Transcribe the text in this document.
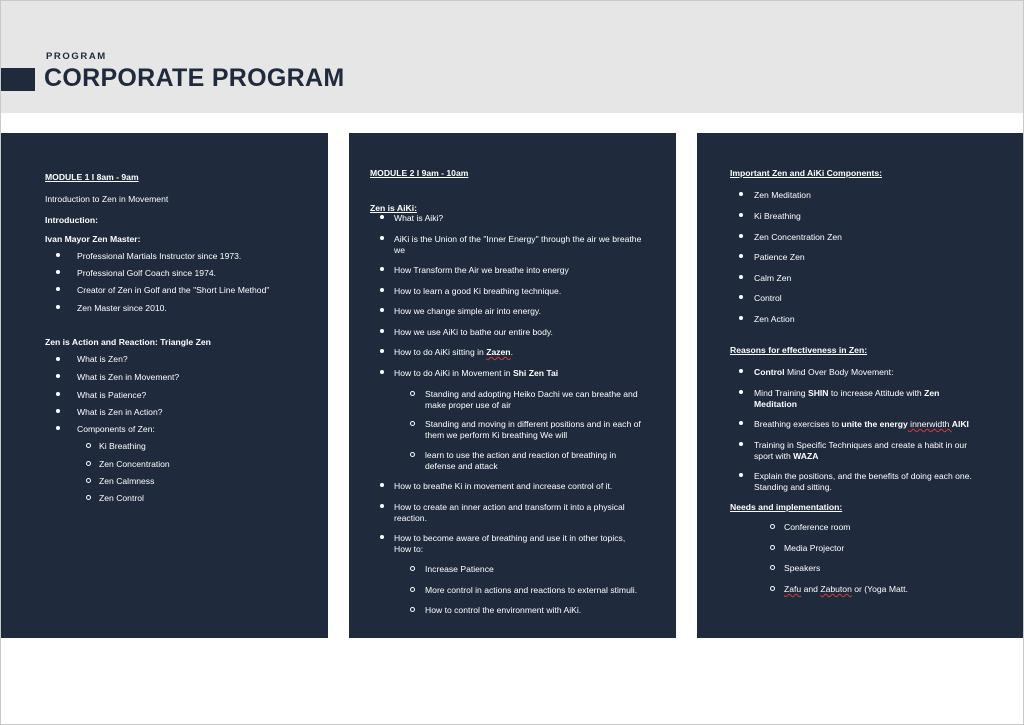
PROGRAM
CORPORATE PROGRAM
MODULE 1 I 8am - 9am
Introduction to Zen in Movement
Introduction:
Ivan Mayor Zen Master:
Professional Martials Instructor since 1973.
Professional Golf Coach since 1974.
Creator of Zen in Golf and the "Short Line Method"
Zen Master since 2010.
Zen is Action and Reaction: Triangle Zen
What is Zen?
What is Zen in Movement?
What is Patience?
What is Zen in Action?
Components of Zen:
Ki Breathing
Zen Concentration
Zen Calmness
Zen Control
MODULE 2 I 9am - 10am
Zen is AiKi:
What is Aiki?
AiKi is the Union of the "Inner Energy" through the air we breathe
we
How Transform the Air we breathe into energy
How to learn a good Ki breathing technique.
How we change simple air into energy.
How we use AiKi to bathe our entire body.
How to do AiKi sitting in Zazen.
How to do AiKi in Movement in Shi Zen Tai
Standing and adopting Heiko Dachi we can breathe and
make proper use of air
Standing and moving in different positions and in each of
them we perform Ki breathing We will
learn to use the action and reaction of breathing in
defense and attack
How to breathe Ki in movement and increase control of it.
How to create an inner action and transform it into a physical
reaction.
How to become aware of breathing and use it in other topics,
How to:
Increase Patience
More control in actions and reactions to external stimuli.
How to control the environment with AiKi.
Important Zen and AiKi Components:
Zen Meditation
Ki Breathing
Zen Concentration Zen
Patience Zen
Calm Zen
Control
Zen Action
Reasons for effectiveness in Zen:
Control Mind Over Body Movement:
Mind Training SHIN to increase Attitude with Zen
Meditation
Breathing exercises to unite the energy innerwidth AIKI
Training in Specific Techniques and create a habit in our
sport with WAZA
Explain the positions, and the benefits of doing each one.
Standing and sitting.
Needs and implementation:
Conference room
Media Projector
Speakers
Zafu and Zabuton or (Yoga Matt.
